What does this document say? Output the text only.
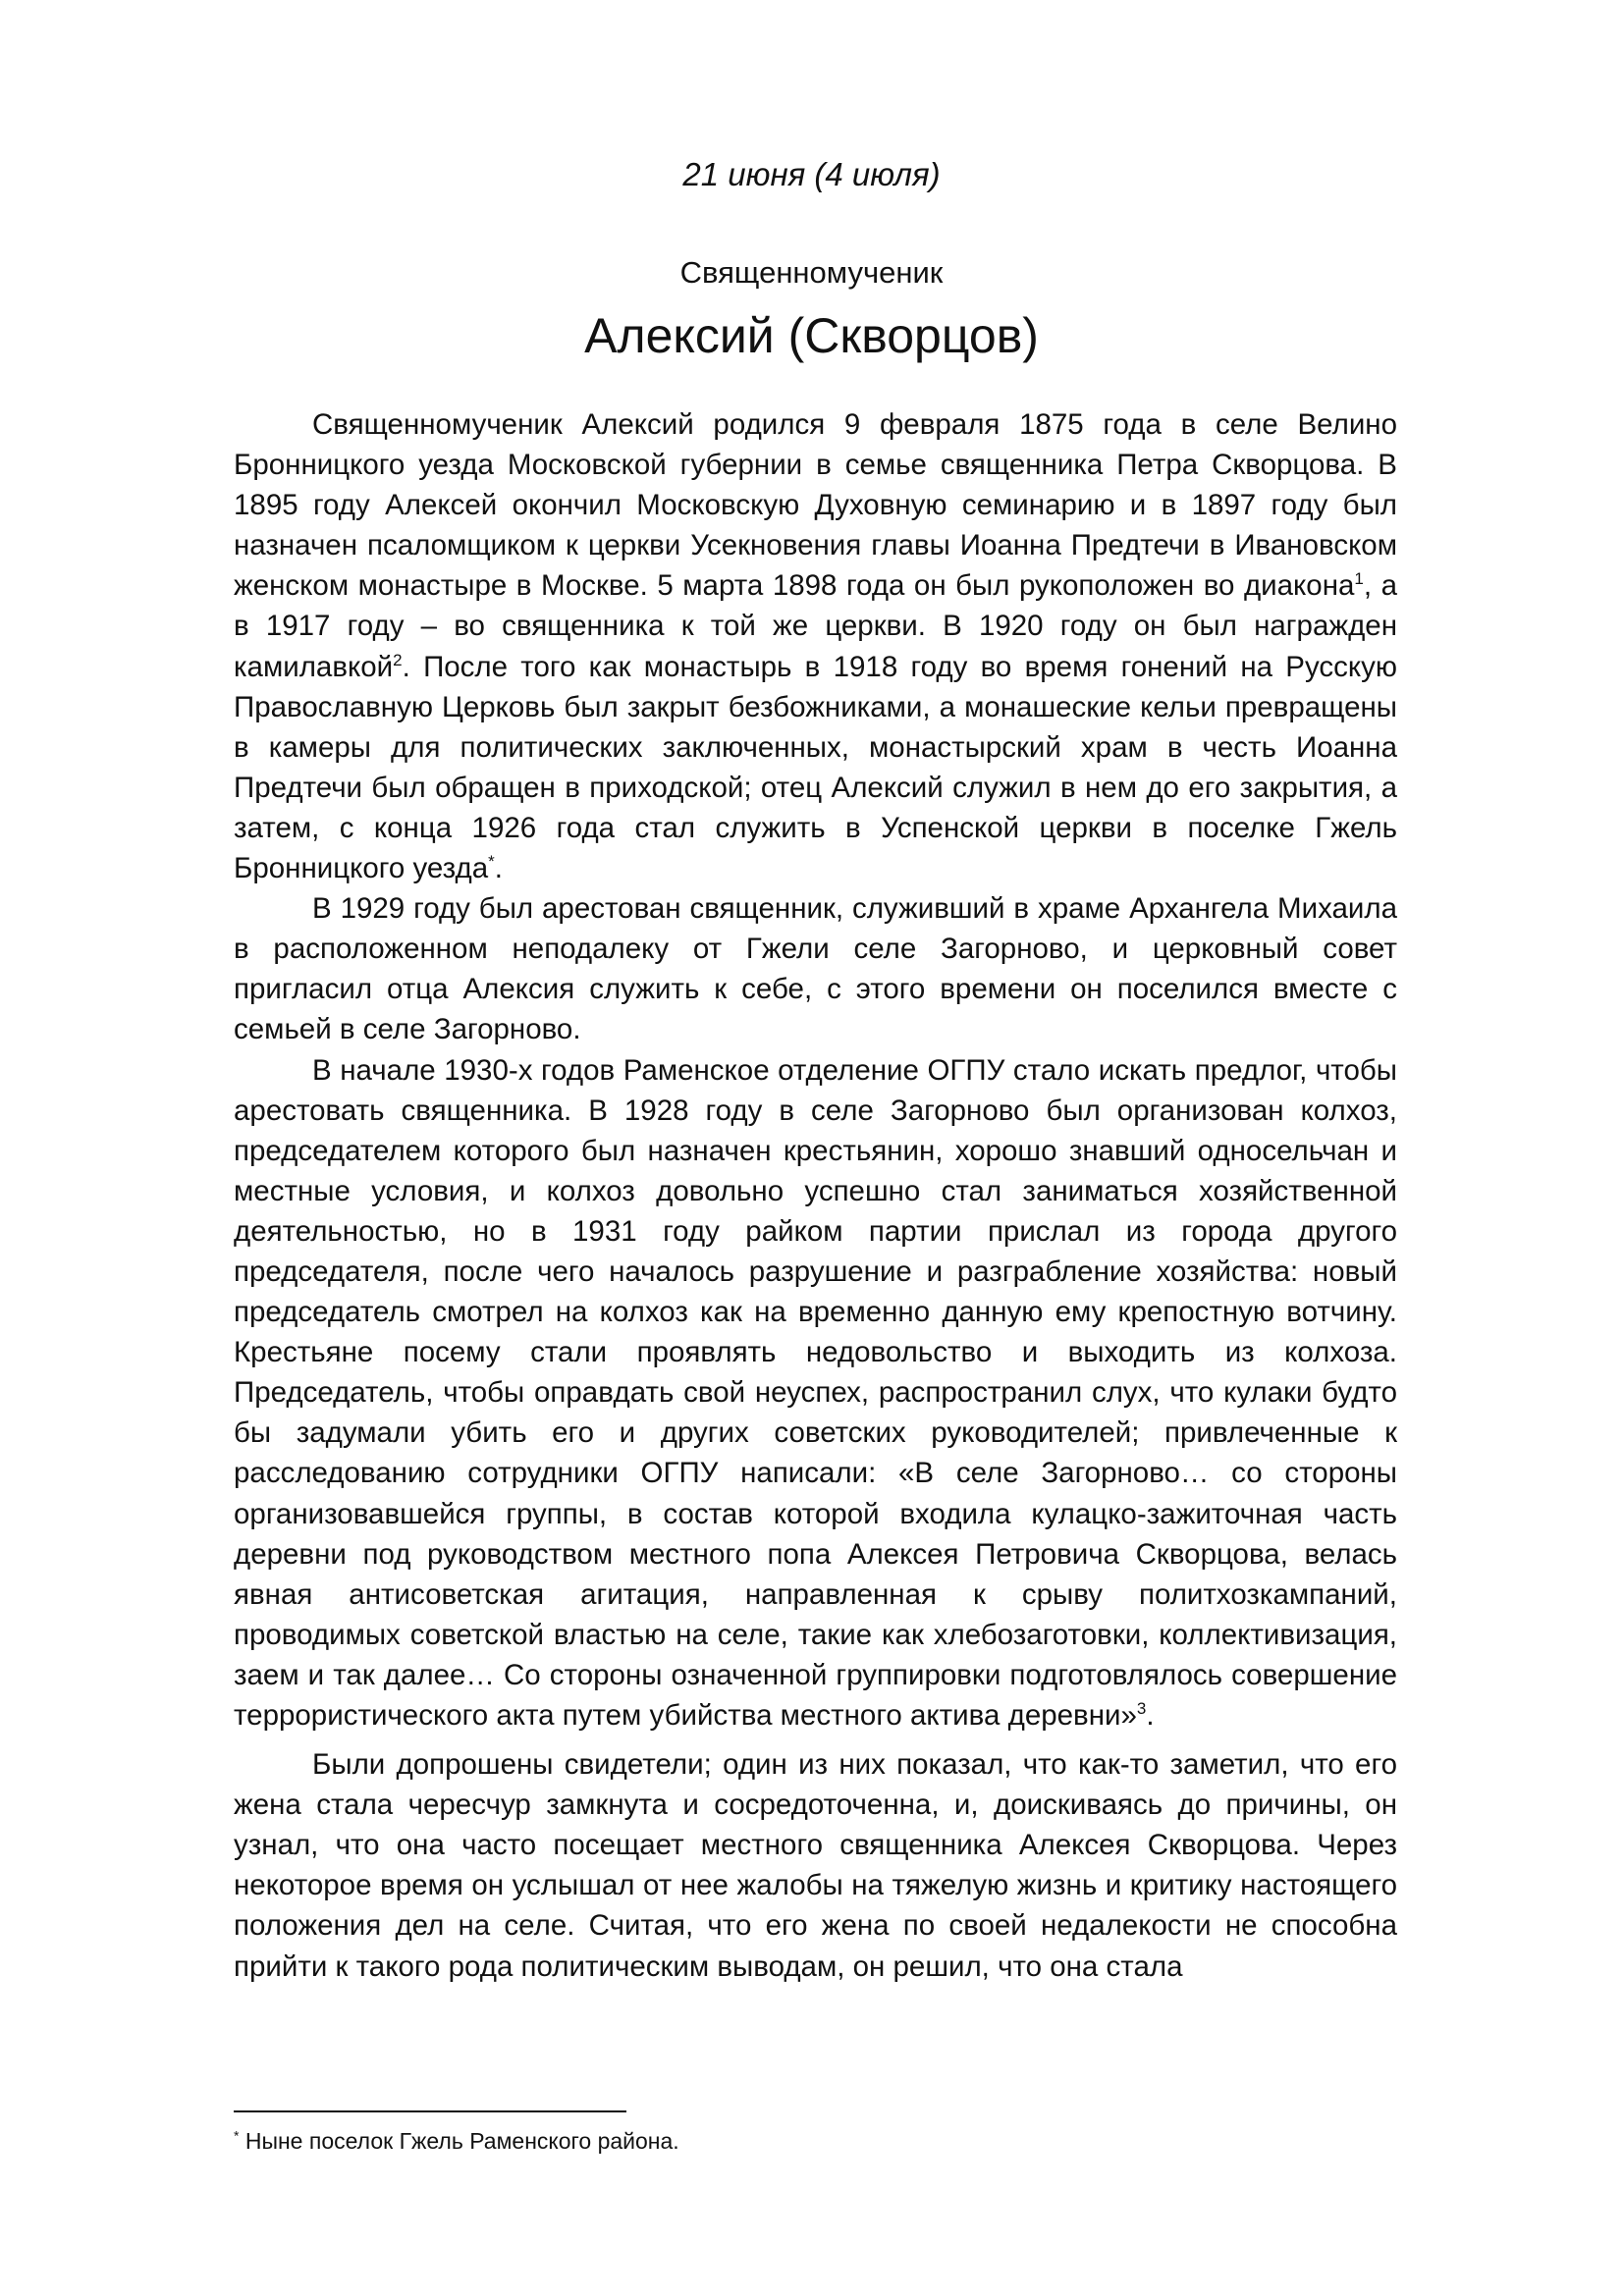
21 июня (4 июля)
Священномученик
Алексий (Скворцов)

Священномученик Алексий родился 9 февраля 1875 года в селе Велино Бронницкого уезда Московской губернии в семье священника Петра Скворцова. В 1895 году Алексей окончил Московскую Духовную семинарию и в 1897 году был назначен псаломщиком к церкви Усекновения главы Иоанна Предтечи в Ивановском женском монастыре в Москве. 5 марта 1898 года он был рукоположен во диакона$^1$, а в 1917 году – во священника к той же церкви. В 1920 году он был награжден камилавкой$^2$. После того как монастырь в 1918 году во время гонений на Русскую Православную Церковь был закрыт безбожниками, а монашеские кельи превращены в камеры для политических заключенных, монастырский храм в честь Иоанна Предтечи был обращен в приходской; отец Алексий служил в нем до его закрытия, а затем, с конца 1926 года стал служить в Успенской церкви в поселке Гжель Бронницкого уезда*.

В 1929 году был арестован священник, служивший в храме Архангела Михаила в расположенном неподалеку от Гжели селе Загорново, и церковный совет пригласил отца Алексия служить к себе, с этого времени он поселился вместе с семьей в селе Загорново.

В начале 1930-х годов Раменское отделение ОГПУ стало искать предлог, чтобы арестовать священника. В 1928 году в селе Загорново был организован колхоз, председателем которого был назначен крестьянин, хорошо знавший односельчан и местные условия, и колхоз довольно успешно стал заниматься хозяйственной деятельностью, но в 1931 году райком партии прислал из города другого председателя, после чего началось разрушение и разграбление хозяйства: новый председатель смотрел на колхоз как на временно данную ему крепостную вотчину. Крестьяне посему стали проявлять недовольство и выходить из колхоза. Председатель, чтобы оправдать свой неуспех, распространил слух, что кулаки будто бы задумали убить его и других советских руководителей; привлеченные к расследованию сотрудники ОГПУ написали: «В селе Загорново… со стороны организовавшейся группы, в состав которой входила кулацко-зажиточная часть деревни под руководством местного попа Алексея Петровича Скворцова, велась явная антисоветская агитация, направленная к срыву политхозкампаний, проводимых советской властью на селе, такие как хлебозаготовки, коллективизация, заем и так далее… Со стороны означенной группировки подготовлялось совершение террористического акта путем убийства местного актива деревни»$^3$.

Были допрошены свидетели; один из них показал, что как-то заметил, что его жена стала чересчур замкнута и сосредоточенна, и, доискиваясь до причины, он узнал, что она часто посещает местного священника Алексея Скворцова. Через некоторое время он услышал от нее жалобы на тяжелую жизнь и критику настоящего положения дел на селе. Считая, что его жена по своей недалекости не способна прийти к такого рода политическим выводам, он решил, что она стала

* Ныне поселок Гжель Раменского района.
